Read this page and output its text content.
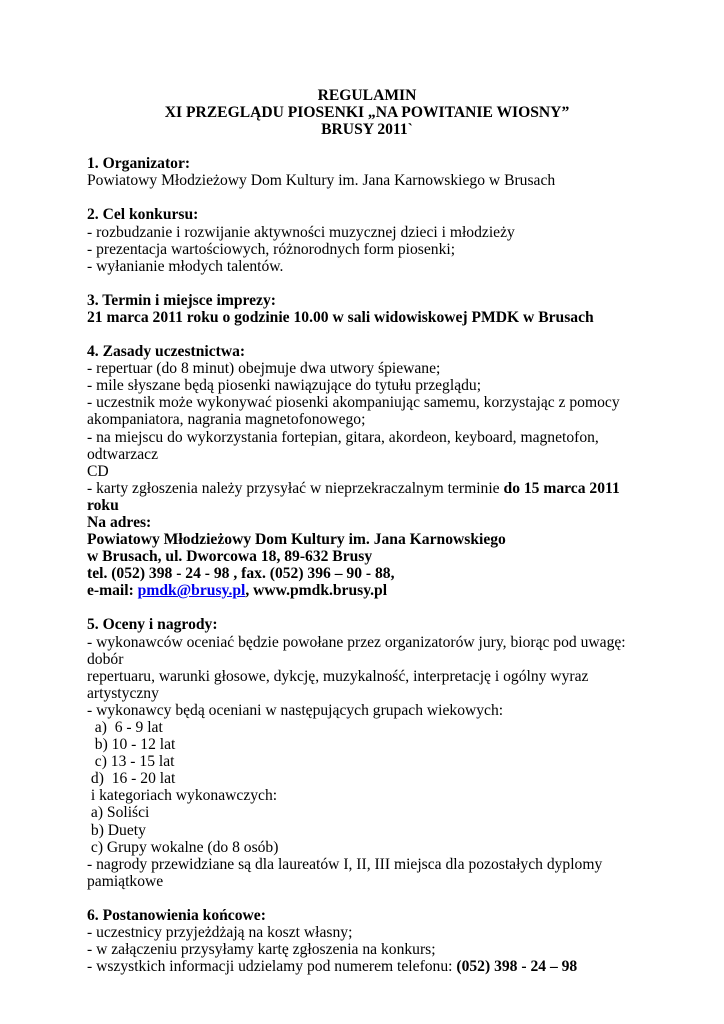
REGULAMIN

XI PRZEGLĄDU PIOSENKI „NA POWITANIE WIOSNY”

BRUSY 2011`

1. Organizator:

Powiatowy Młodzieżowy Dom Kultury im. Jana Karnowskiego w Brusach

2. Cel konkursu:

- rozbudzanie i rozwijanie aktywności muzycznej dzieci i młodzieży

- prezentacja wartościowych, różnorodnych form piosenki;

- wyłanianie młodych talentów.

3. Termin i miejsce imprezy:

21 marca 2011 roku o godzinie 10.00 w sali widowiskowej PMDK w Brusach

4. Zasady uczestnictwa:

- repertuar (do 8 minut) obejmuje dwa utwory śpiewane;

- mile słyszane będą piosenki nawiązujące do tytułu przeglądu;

- uczestnik może wykonywać piosenki akompaniując samemu, korzystając z pomocy

akompaniatora, nagrania magnetofonowego;

- na miejscu do wykorzystania fortepian, gitara, akordeon, keyboard, magnetofon, odtwarzacz

CD

- karty zgłoszenia należy przysyłać w nieprzekraczalnym terminie do 15 marca 2011 roku

Na adres:

Powiatowy Młodzieżowy Dom Kultury im. Jana Karnowskiego

w Brusach, ul. Dworcowa 18, 89-632 Brusy

tel. (052) 398 - 24 - 98 , fax. (052) 396 – 90 - 88,

e-mail: pmdk@brusy.pl, www.pmdk.brusy.pl

5. Oceny i nagrody:

- wykonawców oceniać będzie powołane przez organizatorów jury, biorąc pod uwagę: dobór

repertuaru, warunki głosowe, dykcję, muzykalność, interpretację i ogólny wyraz artystyczny

- wykonawcy będą oceniani w następujących grupach wiekowych:

a)  6 - 9 lat

b) 10 - 12 lat

c) 13 - 15 lat

d)  16 - 20 lat

i kategoriach wykonawczych:

a) Soliści

b) Duety

c) Grupy wokalne (do 8 osób)

- nagrody przewidziane są dla laureatów I, II, III miejsca dla pozostałych dyplomy

pamiątkowe

6. Postanowienia końcowe:

- uczestnicy przyjeżdżają na koszt własny;

- w załączeniu przysyłamy kartę zgłoszenia na konkurs;

- wszystkich informacji udzielamy pod numerem telefonu: (052) 398 - 24 – 98
